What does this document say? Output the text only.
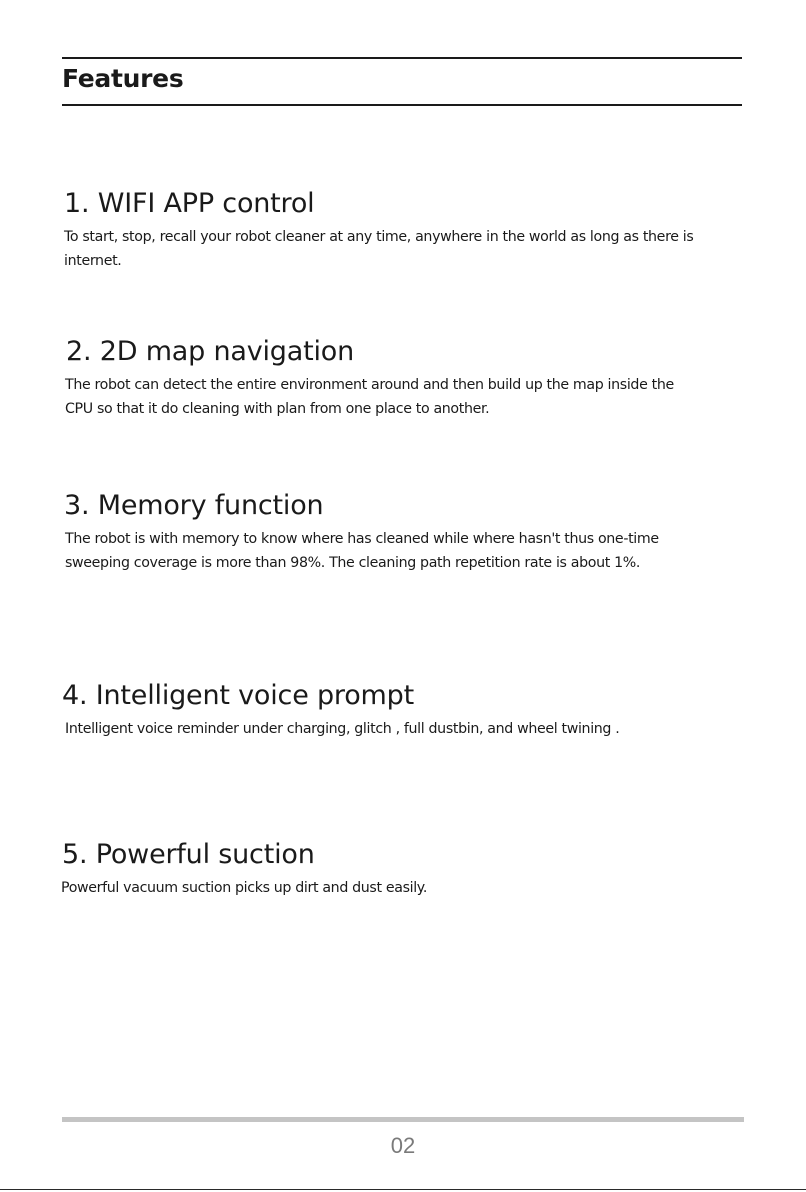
Features
1. WIFI APP control

To start, stop, recall your robot cleaner at any time, anywhere in the world as long as there is internet.

2. 2D map navigation

The robot can detect the entire environment around and then build up the map inside the CPU so that it do cleaning with plan from one place to another.

3. Memory function

The robot is with memory to know where has cleaned while where hasn't thus one-time sweeping coverage is more than 98%. The cleaning path repetition rate is about 1%.

4. Intelligent voice prompt

Intelligent voice reminder under charging, glitch , full dustbin, and wheel twining .

5. Powerful suction

Powerful vacuum suction picks up dirt and dust easily.

02
